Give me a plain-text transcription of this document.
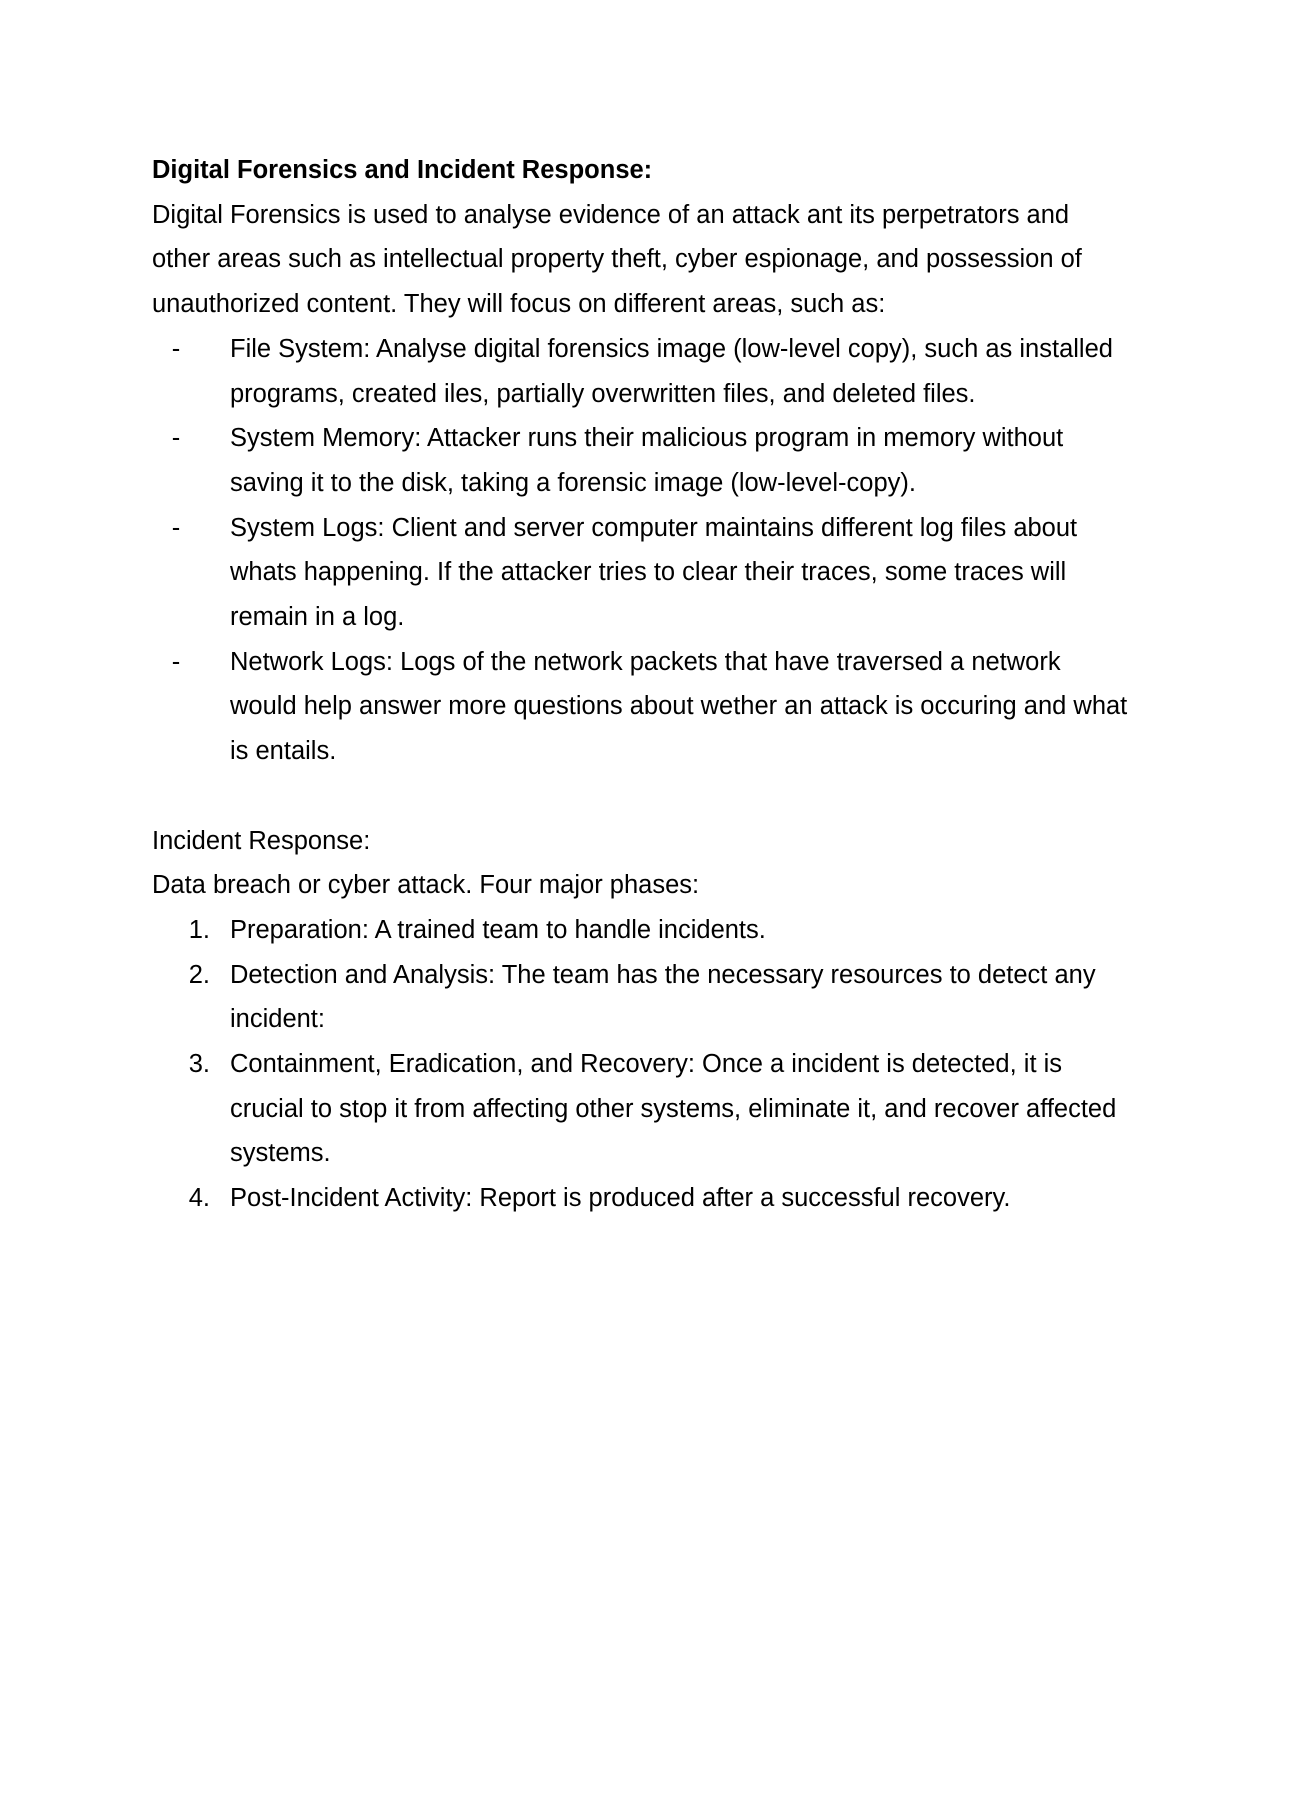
Digital Forensics and Incident Response:

Digital Forensics is used to analyse evidence of an attack ant its perpetrators and other areas such as intellectual property theft, cyber espionage, and possession of unauthorized content. They will focus on different areas, such as:

-	File System: Analyse digital forensics image (low-level copy), such as installed programs, created iles, partially overwritten files, and deleted files.
-	System Memory: Attacker runs their malicious program in memory without saving it to the disk, taking a forensic image (low-level-copy).
-	System Logs: Client and server computer maintains different log files about whats happening. If the attacker tries to clear their traces, some traces will remain in a log.
-	Network Logs: Logs of the network packets that have traversed a network would help answer more questions about wether an attack is occuring and what is entails.

Incident Response:

Data breach or cyber attack. Four major phases:

1. Preparation: A trained team to handle incidents.
2. Detection and Analysis: The team has the necessary resources to detect any incident:
3. Containment, Eradication, and Recovery: Once a incident is detected, it is crucial to stop it from affecting other systems, eliminate it, and recover affected systems.
4. Post-Incident Activity: Report is produced after a successful recovery.
